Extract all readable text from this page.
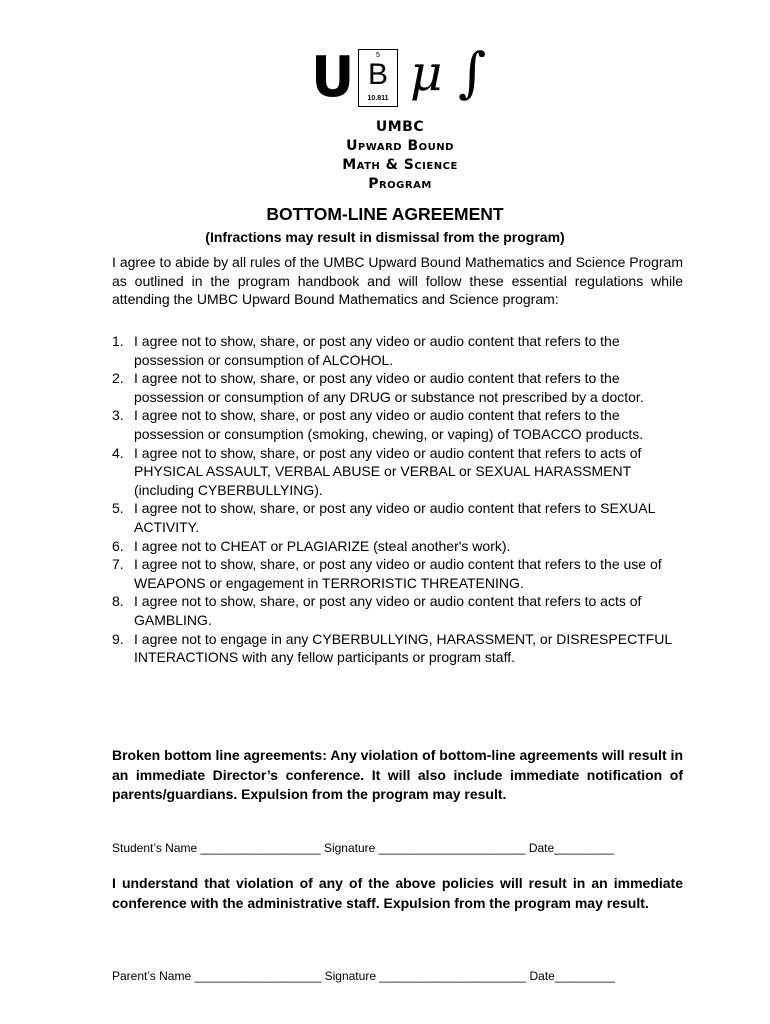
U	5
B
10.811 μ ∫
UMBC
Upward Bound
Math & Science
Program
BOTTOM-LINE AGREEMENT
(Infractions may result in dismissal from the program)
I agree to abide by all rules of the UMBC Upward Bound Mathematics and Science Program as outlined in the program handbook and will follow these essential regulations while attending the UMBC Upward Bound Mathematics and Science program:
1. I agree not to show, share, or post any video or audio content that refers to the possession or consumption of ALCOHOL.
2. I agree not to show, share, or post any video or audio content that refers to the possession or consumption of any DRUG or substance not prescribed by a doctor.
3. I agree not to show, share, or post any video or audio content that refers to the possession or consumption (smoking, chewing, or vaping) of TOBACCO products.
4. I agree not to show, share, or post any video or audio content that refers to acts of PHYSICAL ASSAULT, VERBAL ABUSE or VERBAL or SEXUAL HARASSMENT (including CYBERBULLYING).
5. I agree not to show, share, or post any video or audio content that refers to SEXUAL ACTIVITY.
6. I agree not to CHEAT or PLAGIARIZE (steal another's work).
7. I agree not to show, share, or post any video or audio content that refers to the use of WEAPONS or engagement in TERRORISTIC THREATENING.
8. I agree not to show, share, or post any video or audio content that refers to acts of GAMBLING.
9. I agree not to engage in any CYBERBULLYING, HARASSMENT, or DISRESPECTFUL INTERACTIONS with any fellow participants or program staff.
Broken bottom line agreements: Any violation of bottom-line agreements will result in an immediate Director’s conference. It will also include immediate notification of parents/guardians. Expulsion from the program may result.
Student’s Name __________________ Signature ______________________ Date_________
I understand that violation of any of the above policies will result in an immediate conference with the administrative staff. Expulsion from the program may result.
Parent’s Name ___________________ Signature ______________________ Date_________
